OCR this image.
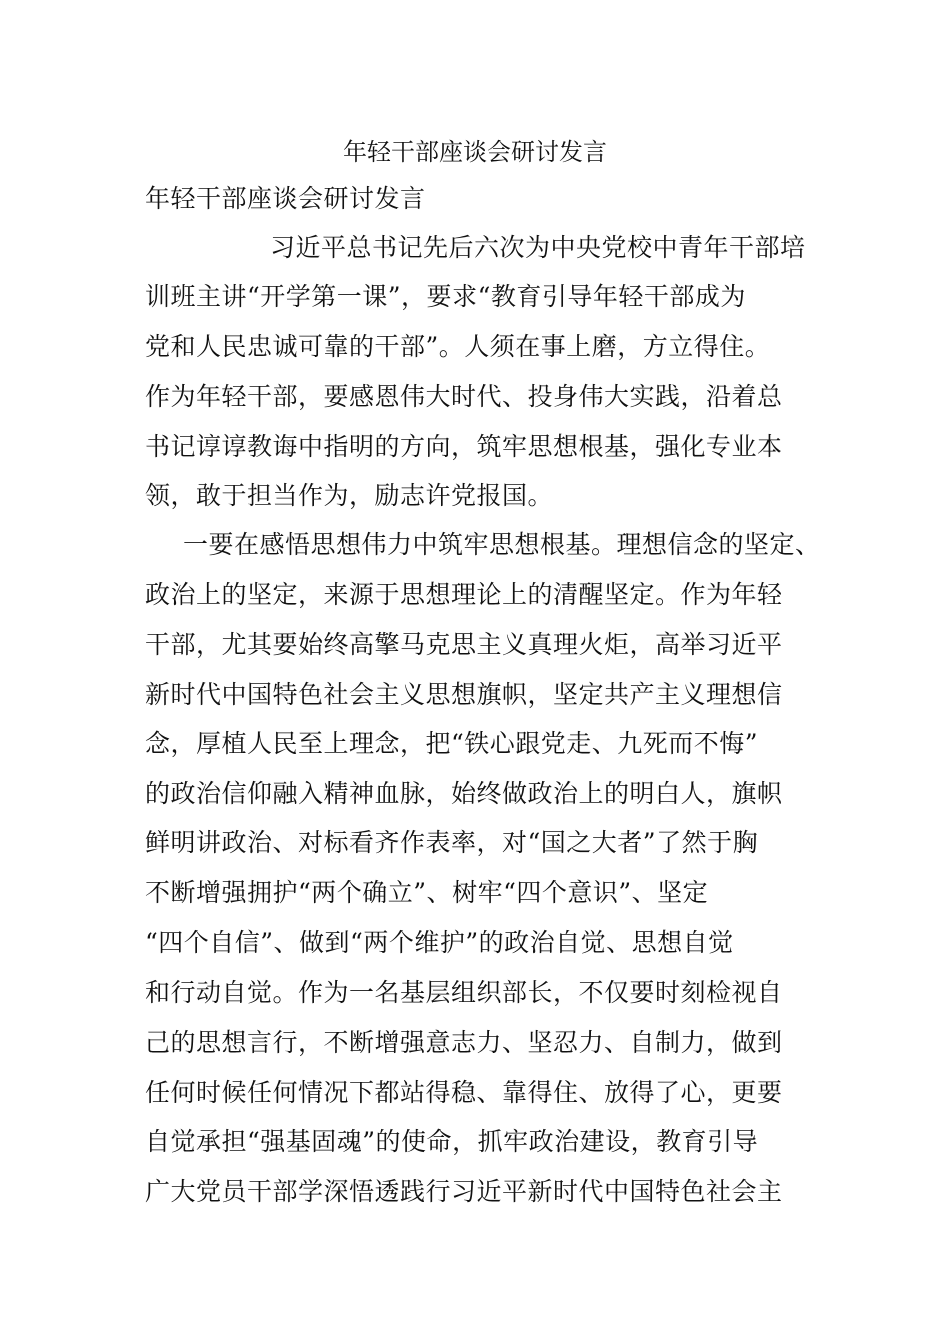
年轻干部座谈会研讨发言
年轻干部座谈会研讨发言
习近平总书记先后六次为中央党校中青年干部培
训班主讲“开学第一课”，要求“教育引导年轻干部成为
党和人民忠诚可靠的干部”。人须在事上磨，方立得住。
作为年轻干部，要感恩伟大时代、投身伟大实践，沿着总
书记谆谆教诲中指明的方向，筑牢思想根基，强化专业本
领，敢于担当作为，励志许党报国。
一要在感悟思想伟力中筑牢思想根基。理想信念的坚定、
政治上的坚定，来源于思想理论上的清醒坚定。作为年轻
干部，尤其要始终高擎马克思主义真理火炬，高举习近平
新时代中国特色社会主义思想旗帜，坚定共产主义理想信
念，厚植人民至上理念，把“铁心跟党走、九死而不悔”
的政治信仰融入精神血脉，始终做政治上的明白人，旗帜
鲜明讲政治、对标看齐作表率，对“国之大者”了然于胸
不断增强拥护“两个确立”、树牢“四个意识”、坚定
“四个自信”、做到“两个维护”的政治自觉、思想自觉
和行动自觉。作为一名基层组织部长，不仅要时刻检视自
己的思想言行，不断增强意志力、坚忍力、自制力，做到
任何时候任何情况下都站得稳、靠得住、放得了心，更要
自觉承担“强基固魂”的使命，抓牢政治建设，教育引导
广大党员干部学深悟透践行习近平新时代中国特色社会主
